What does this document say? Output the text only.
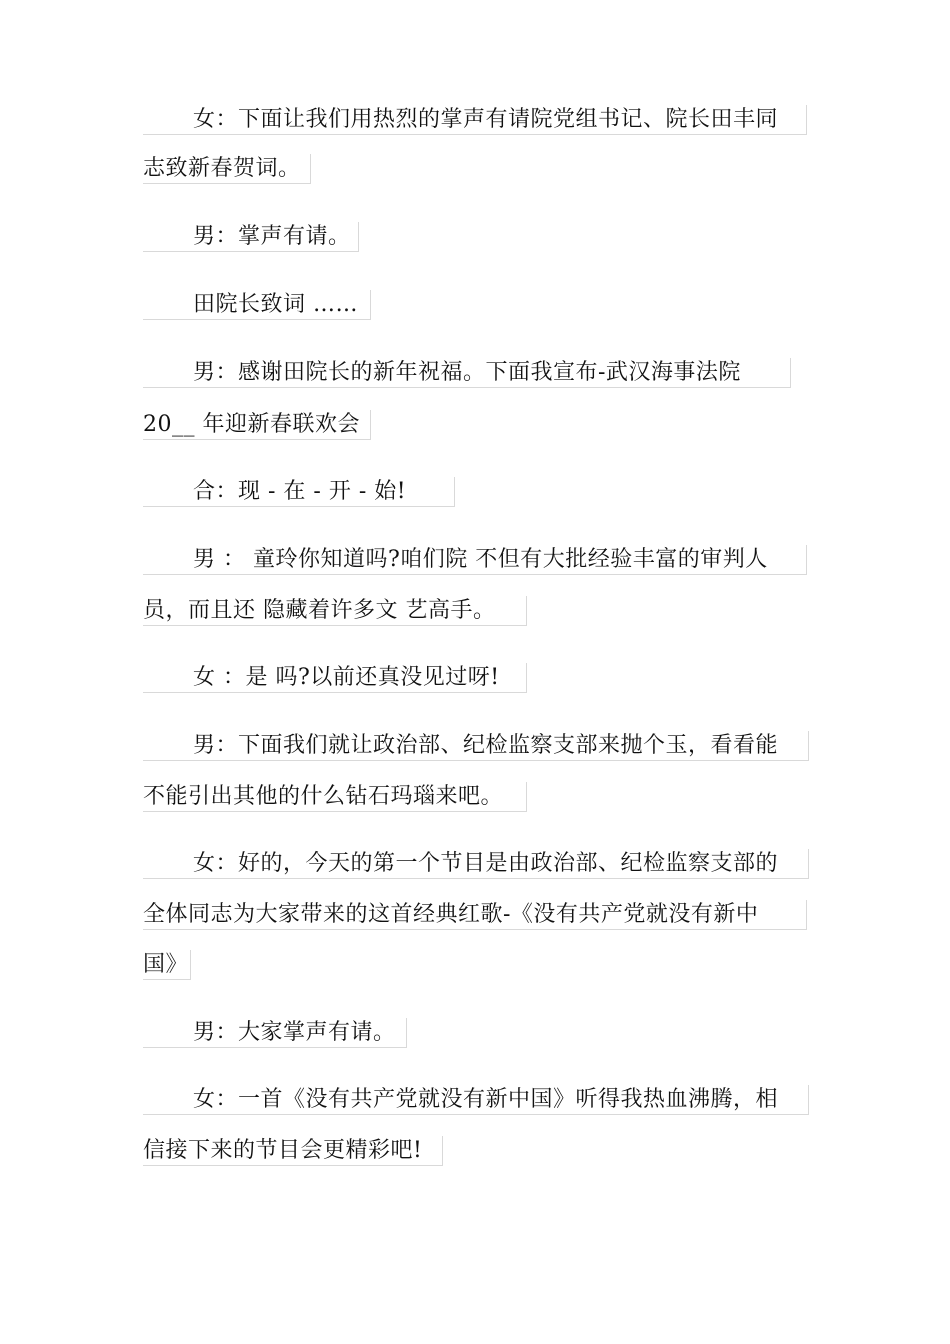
女：下面让我们用热烈的掌声有请院党组书记、院长田丰同
志致新春贺词。
男：掌声有请。
田院长致词 ……
男：感谢田院长的新年祝福。下面我宣布-武汉海事法院
20__ 年迎新春联欢会
合：现 - 在 - 开 - 始!
男 ： 童玲你知道吗?咱们院 不但有大批经验丰富的审判人
员，而且还 隐藏着许多文 艺高手。
女 ：是 吗?以前还真没见过呀!
男：下面我们就让政治部、纪检监察支部来抛个玉，看看能
不能引出其他的什么钻石玛瑙来吧。
女：好的，今天的第一个节目是由政治部、纪检监察支部的
全体同志为大家带来的这首经典红歌-《没有共产党就没有新中
国》
男：大家掌声有请。
女：一首《没有共产党就没有新中国》听得我热血沸腾，相
信接下来的节目会更精彩吧!
